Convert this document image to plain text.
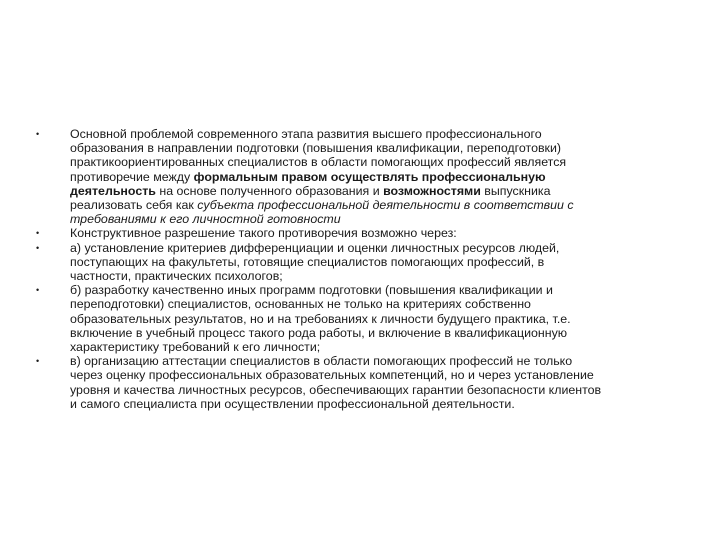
•	Основной проблемой современного этапа развития высшего профессионального
образования в направлении подготовки (повышения квалификации, переподготовки)
практикоориентированных специалистов в области помогающих профессий является
противоречие между формальным правом осуществлять профессиональную
деятельность на основе полученного образования и возможностями выпускника
реализовать себя как субъекта профессиональной деятельности в соответствии с
требованиями к его личностной готовности
•	Конструктивное разрешение такого противоречия возможно через:
•	а) установление критериев дифференциации и оценки личностных ресурсов людей,
поступающих на факультеты, готовящие специалистов помогающих профессий, в
частности, практических психологов;
•	б) разработку качественно иных программ подготовки (повышения квалификации и
переподготовки) специалистов, основанных не только на критериях собственно
образовательных результатов, но и на требованиях к личности будущего практика, т.е.
включение в учебный процесс такого рода работы, и включение в квалификационную
характеристику требований к его личности;
•	в) организацию аттестации специалистов в области помогающих профессий не только
через оценку профессиональных образовательных компетенций, но и через установление
уровня и качества личностных ресурсов, обеспечивающих гарантии безопасности клиентов
и самого специалиста при осуществлении профессиональной деятельности.
